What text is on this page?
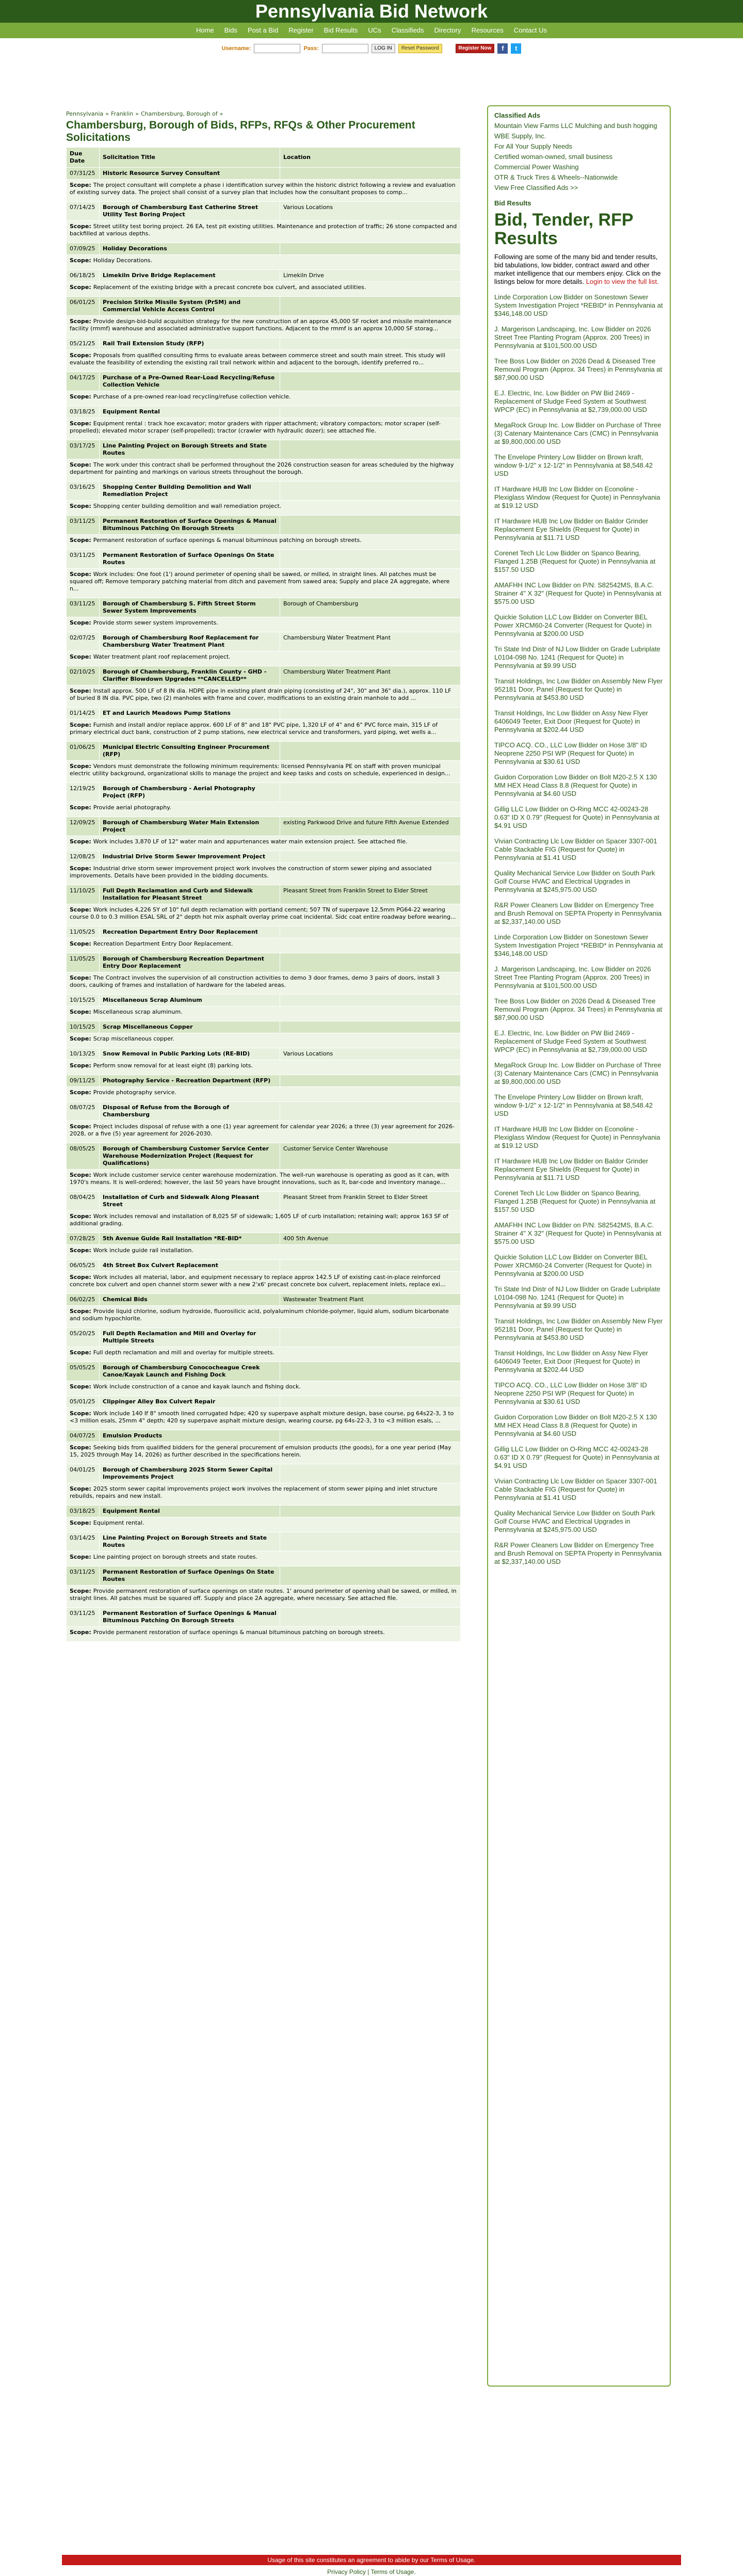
Pennsylvania Bid Network
Home Bids Post a Bid Register Bid Results UCs Classifieds Directory Resources Contact Us
Username:	Pass:	LOG IN	Reset Password	Register Now	f	t
Pennsylvania » Franklin » Chambersburg, Borough of »
Chambersburg, Borough of Bids, RFPs, RFQs & Other Procurement Solicitations
Due Date	Solicitation Title	Location
07/31/25	Historic Resource Survey Consultant	
Scope: The project consultant will complete a phase i identification survey within the historic district following a review and evaluation of existing survey data. The project shall consist of a survey plan that includes how the consultant proposes to comp...		
07/14/25	Borough of Chambersburg East Catherine Street Utility Test Boring Project	Various Locations
Scope: Street utility test boring project. 26 EA, test pit existing utilities. Maintenance and protection of traffic; 26 stone compacted and backfilled at various depths.		
07/09/25	Holiday Decorations	
Scope: Holiday Decorations.		
06/18/25	Limekiln Drive Bridge Replacement	Limekiln Drive
Scope: Replacement of the existing bridge with a precast concrete box culvert, and associated utilities.		
06/01/25	Precision Strike Missile System (PrSM) and Commercial Vehicle Access Control	
Scope: Provide design-bid-build acquisition strategy for the new construction of an approx 45,000 SF rocket and missile maintenance facility (rmmf) warehouse and associated administrative support functions. Adjacent to the rmmf is an approx 10,000 SF storag...		
05/21/25	Rail Trail Extension Study (RFP)	
Scope: Proposals from qualified consulting firms to evaluate areas between commerce street and south main street. This study will evaluate the feasibility of extending the existing rail trail network within and adjacent to the borough, identify preferred ro...		
04/17/25	Purchase of a Pre-Owned Rear-Load Recycling/Refuse Collection Vehicle	
Scope: Purchase of a pre-owned rear-load recycling/refuse collection vehicle.		
03/18/25	Equipment Rental	
Scope: Equipment rental : track hoe excavator; motor graders with ripper attachment; vibratory compactors; motor scraper (self-propelled); elevated motor scraper (self-propelled); tractor (crawler with hydraulic dozer); see attached file.		
03/17/25	Line Painting Project on Borough Streets and State Routes	
Scope: The work under this contract shall be performed throughout the 2026 construction season for areas scheduled by the highway department for painting and markings on various streets throughout the borough.		
03/16/25	Shopping Center Building Demolition and Wall Remediation Project	
Scope: Shopping center building demolition and wall remediation project.		
03/11/25	Permanent Restoration of Surface Openings & Manual Bituminous Patching On Borough Streets	
Scope: Permanent restoration of surface openings & manual bituminous patching on borough streets.		
03/11/25	Permanent Restoration of Surface Openings On State Routes	
Scope: Work includes: One foot (1') around perimeter of opening shall be sawed, or milled, in straight lines. All patches must be squared off; Remove temporary patching material from ditch and pavement from sawed area; Supply and place 2A aggregate, where n...		
03/11/25	Borough of Chambersburg S. Fifth Street Storm Sewer System Improvements	Borough of Chambersburg
Scope: Provide storm sewer system improvements.		
02/07/25	Borough of Chambersburg Roof Replacement for Chambersburg Water Treatment Plant	Chambersburg Water Treatment Plant
Scope: Water treatment plant roof replacement project.		
02/10/25	Borough of Chambersburg, Franklin County - GHD - Clarifier Blowdown Upgrades **CANCELLED**	Chambersburg Water Treatment Plant
Scope: Install approx. 500 LF of 8 IN dia. HDPE pipe in existing plant drain piping (consisting of 24", 30" and 36" dia.), approx. 110 LF of buried 8 IN dia. PVC pipe, two (2) manholes with frame and cover, modifications to an existing drain manhole to add ...		
01/14/25	ET and Laurich Meadows Pump Stations	
Scope: Furnish and install and/or replace approx. 600 LF of 8" and 18" PVC pipe, 1,320 LF of 4" and 6" PVC force main, 315 LF of primary electrical duct bank, construction of 2 pump stations, new electrical service and transformers, yard piping, wet wells a...		
01/06/25	Municipal Electric Consulting Engineer Procurement (RFP)	
Scope: Vendors must demonstrate the following minimum requirements: licensed Pennsylvania PE on staff with proven municipal electric utility background, organizational skills to manage the project and keep tasks and costs on schedule, experienced in design...		
12/19/25	Borough of Chambersburg - Aerial Photography Project (RFP)	
Scope: Provide aerial photography.		
12/09/25	Borough of Chambersburg Water Main Extension Project	existing Parkwood Drive and future Fifth Avenue Extended
Scope: Work includes 3,870 LF of 12" water main and appurtenances water main extension project. See attached file.		
12/08/25	Industrial Drive Storm Sewer Improvement Project	
Scope: Industrial drive storm sewer improvement project work involves the construction of storm sewer piping and associated improvements. Details have been provided in the bidding documents.		
11/10/25	Full Depth Reclamation and Curb and Sidewalk Installation for Pleasant Street	Pleasant Street from Franklin Street to Elder Street
Scope: Work includes 4,226 SY of 10" full depth reclamation with portland cement; 507 TN of superpave 12.5mm PG64-22 wearing course 0.0 to 0.3 million ESAL SRL of 2" depth hot mix asphalt overlay prime coat incidental. Sidc coat entire roadway before wearing...		
11/05/25	Recreation Department Entry Door Replacement	
Scope: Recreation Department Entry Door Replacement.		
11/05/25	Borough of Chambersburg Recreation Department Entry Door Replacement	
Scope: The Contract involves the supervision of all construction activities to demo 3 door frames, demo 3 pairs of doors, install 3 doors, caulking of frames and installation of hardware for the labeled areas.		
10/15/25	Miscellaneous Scrap Aluminum	
Scope: Miscellaneous scrap aluminum.		
10/15/25	Scrap Miscellaneous Copper	
Scope: Scrap miscellaneous copper.		
10/13/25	Snow Removal in Public Parking Lots (RE-BID)	Various Locations
Scope: Perform snow removal for at least eight (8) parking lots.		
09/11/25	Photography Service - Recreation Department (RFP)	
Scope: Provide photography service.		
08/07/25	Disposal of Refuse from the Borough of Chambersburg	
Scope: Project includes disposal of refuse with a one (1) year agreement for calendar year 2026; a three (3) year agreement for 2026-2028, or a five (5) year agreement for 2026-2030.		
08/05/25	Borough of Chambersburg Customer Service Center Warehouse Modernization Project (Request for Qualifications)	Customer Service Center Warehouse
Scope: Work include customer service center warehouse modernization. The well-run warehouse is operating as good as it can, with 1970's means. It is well-ordered; however, the last 50 years have brought innovations, such as lt, bar-code and inventory manage...		
08/04/25	Installation of Curb and Sidewalk Along Pleasant Street	Pleasant Street from Franklin Street to Elder Street
Scope: Work includes removal and installation of 8,025 SF of sidewalk; 1,605 LF of curb installation; retaining wall; approx 163 SF of additional grading.		
07/28/25	5th Avenue Guide Rail Installation *RE-BID*	400 5th Avenue
Scope: Work include guide rail installation.		
06/05/25	4th Street Box Culvert Replacement	
Scope: Work includes all material, labor, and equipment necessary to replace approx 142.5 LF of existing cast-in-place reinforced concrete box culvert and open channel storm sewer with a new 2'x6' precast concrete box culvert, replacement inlets, replace exi...		
06/02/25	Chemical Bids	Wastewater Treatment Plant
Scope: Provide liquid chlorine, sodium hydroxide, fluorosilicic acid, polyaluminum chloride-polymer, liquid alum, sodium bicarbonate and sodium hypochlorite.		
05/20/25	Full Depth Reclamation and Mill and Overlay for Multiple Streets	
Scope: Full depth reclamation and mill and overlay for multiple streets.		
05/05/25	Borough of Chambersburg Conococheague Creek Canoe/Kayak Launch and Fishing Dock	
Scope: Work include construction of a canoe and kayak launch and fishing dock.		
05/01/25	Clippinger Alley Box Culvert Repair	
Scope: Work include 140 If 8" smooth lined corrugated hdpe; 420 sy superpave asphalt mixture design, base course, pg 64s22-3, 3 to <3 million esals, 25mm 4" depth; 420 sy superpave asphalt mixture design, wearing course, pg 64s-22-3, 3 to <3 million esals, ...		
04/07/25	Emulsion Products	
Scope: Seeking bids from qualified bidders for the general procurement of emulsion products (the goods), for a one year period (May 15, 2025 through May 14, 2026) as further described in the specifications herein.		
04/01/25	Borough of Chambersburg 2025 Storm Sewer Capital Improvements Project	
Scope: 2025 storm sewer capital improvements project work involves the replacement of storm sewer piping and inlet structure rebuilds, repairs and new install.		
03/18/25	Equipment Rental	
Scope: Equipment rental.		
03/14/25	Line Painting Project on Borough Streets and State Routes	
Scope: Line painting project on borough streets and state routes.		
03/11/25	Permanent Restoration of Surface Openings On State Routes	
Scope: Provide permanent restoration of surface openings on state routes. 1' around perimeter of opening shall be sawed, or milled, in straight lines. All patches must be squared off. Supply and place 2A aggregate, where necessary. See attached file.		
03/11/25	Permanent Restoration of Surface Openings & Manual Bituminous Patching On Borough Streets	
Scope: Provide permanent restoration of surface openings & manual bituminous patching on borough streets.		
Classified Ads
Mountain View Farms LLC Mulching and bush hogging
WBE Supply, Inc.
For All Your Supply Needs
Certified woman-owned, small business
Commercial Power Washing
OTR & Truck Tires & Wheels--Nationwide
View Free Classified Ads >>
Bid Results
Bid, Tender, RFP Results
Following are some of the many bid and tender results, bid tabulations, low bidder, contract award and other market intelligence that our members enjoy. Click on the listings below for more details. Login to view the full list.
Linde Corporation Low Bidder on Sonestown Sewer System Investigation Project *REBID* in Pennsylvania at $346,148.00 USD
J. Margerison Landscaping, Inc. Low Bidder on 2026 Street Tree Planting Program (Approx. 200 Trees) in Pennsylvania at $101,500.00 USD
Tree Boss Low Bidder on 2026 Dead & Diseased Tree Removal Program (Approx. 34 Trees) in Pennsylvania at $87,900.00 USD
E.J. Electric, Inc. Low Bidder on PW Bid 2469 - Replacement of Sludge Feed System at Southwest WPCP (EC) in Pennsylvania at $2,739,000.00 USD
MegaRock Group Inc. Low Bidder on Purchase of Three (3) Catenary Maintenance Cars (CMC) in Pennsylvania at $9,800,000.00 USD
The Envelope Printery Low Bidder on Brown kraft, window 9-1/2" x 12-1/2" in Pennsylvania at $8,548.42 USD
IT Hardware HUB Inc Low Bidder on Econoline - Plexiglass Window (Request for Quote) in Pennsylvania at $19.12 USD
IT Hardware HUB Inc Low Bidder on Baldor Grinder Replacement Eye Shields (Request for Quote) in Pennsylvania at $11.71 USD
Corenet Tech Llc Low Bidder on Spanco Bearing, Flanged 1.25B (Request for Quote) in Pennsylvania at $157.50 USD
AMAFHH INC Low Bidder on P/N: S82542MS, B.A.C. Strainer 4" X 32" (Request for Quote) in Pennsylvania at $575.00 USD
Quickie Solution LLC Low Bidder on Converter BEL Power XRCM60-24 Converter (Request for Quote) in Pennsylvania at $200.00 USD
Tri State Ind Distr of NJ Low Bidder on Grade Lubriplate L0104-098 No. 1241 (Request for Quote) in Pennsylvania at $9.99 USD
Transit Holdings, Inc Low Bidder on Assembly New Flyer 952181 Door, Panel (Request for Quote) in Pennsylvania at $453.80 USD
Transit Holdings, Inc Low Bidder on Assy New Flyer 6406049 Teeter, Exit Door (Request for Quote) in Pennsylvania at $202.44 USD
TIPCO ACQ. CO., LLC Low Bidder on Hose 3/8" ID Neoprene 2250 PSI WP (Request for Quote) in Pennsylvania at $30.61 USD
Guidon Corporation Low Bidder on Bolt M20-2.5 X 130 MM HEX Head Class 8.8 (Request for Quote) in Pennsylvania at $4.60 USD
Gillig LLC Low Bidder on O-Ring MCC 42-00243-28 0.63" ID X 0.79" (Request for Quote) in Pennsylvania at $4.91 USD
Vivian Contracting Llc Low Bidder on Spacer 3307-001 Cable Stackable FIG (Request for Quote) in Pennsylvania at $1.41 USD
Quality Mechanical Service Low Bidder on South Park Golf Course HVAC and Electrical Upgrades in Pennsylvania at $245,975.00 USD
R&R Power Cleaners Low Bidder on Emergency Tree and Brush Removal on SEPTA Property in Pennsylvania at $2,337,140.00 USD
Linde Corporation Low Bidder on Sonestown Sewer System Investigation Project *REBID* in Pennsylvania at $346,148.00 USD
J. Margerison Landscaping, Inc. Low Bidder on 2026 Street Tree Planting Program (Approx. 200 Trees) in Pennsylvania at $101,500.00 USD
Tree Boss Low Bidder on 2026 Dead & Diseased Tree Removal Program (Approx. 34 Trees) in Pennsylvania at $87,900.00 USD
E.J. Electric, Inc. Low Bidder on PW Bid 2469 - Replacement of Sludge Feed System at Southwest WPCP (EC) in Pennsylvania at $2,739,000.00 USD
MegaRock Group Inc. Low Bidder on Purchase of Three (3) Catenary Maintenance Cars (CMC) in Pennsylvania at $9,800,000.00 USD
The Envelope Printery Low Bidder on Brown kraft, window 9-1/2" x 12-1/2" in Pennsylvania at $8,548.42 USD
IT Hardware HUB Inc Low Bidder on Econoline - Plexiglass Window (Request for Quote) in Pennsylvania at $19.12 USD
IT Hardware HUB Inc Low Bidder on Baldor Grinder Replacement Eye Shields (Request for Quote) in Pennsylvania at $11.71 USD
Corenet Tech Llc Low Bidder on Spanco Bearing, Flanged 1.25B (Request for Quote) in Pennsylvania at $157.50 USD
AMAFHH INC Low Bidder on P/N: S82542MS, B.A.C. Strainer 4" X 32" (Request for Quote) in Pennsylvania at $575.00 USD
Quickie Solution LLC Low Bidder on Converter BEL Power XRCM60-24 Converter (Request for Quote) in Pennsylvania at $200.00 USD
Tri State Ind Distr of NJ Low Bidder on Grade Lubriplate L0104-098 No. 1241 (Request for Quote) in Pennsylvania at $9.99 USD
Transit Holdings, Inc Low Bidder on Assembly New Flyer 952181 Door, Panel (Request for Quote) in Pennsylvania at $453.80 USD
Transit Holdings, Inc Low Bidder on Assy New Flyer 6406049 Teeter, Exit Door (Request for Quote) in Pennsylvania at $202.44 USD
TIPCO ACQ. CO., LLC Low Bidder on Hose 3/8" ID Neoprene 2250 PSI WP (Request for Quote) in Pennsylvania at $30.61 USD
Guidon Corporation Low Bidder on Bolt M20-2.5 X 130 MM HEX Head Class 8.8 (Request for Quote) in Pennsylvania at $4.60 USD
Gillig LLC Low Bidder on O-Ring MCC 42-00243-28 0.63" ID X 0.79" (Request for Quote) in Pennsylvania at $4.91 USD
Vivian Contracting Llc Low Bidder on Spacer 3307-001 Cable Stackable FIG (Request for Quote) in Pennsylvania at $1.41 USD
Quality Mechanical Service Low Bidder on South Park Golf Course HVAC and Electrical Upgrades in Pennsylvania at $245,975.00 USD
R&R Power Cleaners Low Bidder on Emergency Tree and Brush Removal on SEPTA Property in Pennsylvania at $2,337,140.00 USD
Usage of this site constitutes an agreement to abide by our Terms of Usage.
Privacy Policy | Terms of Usage.
